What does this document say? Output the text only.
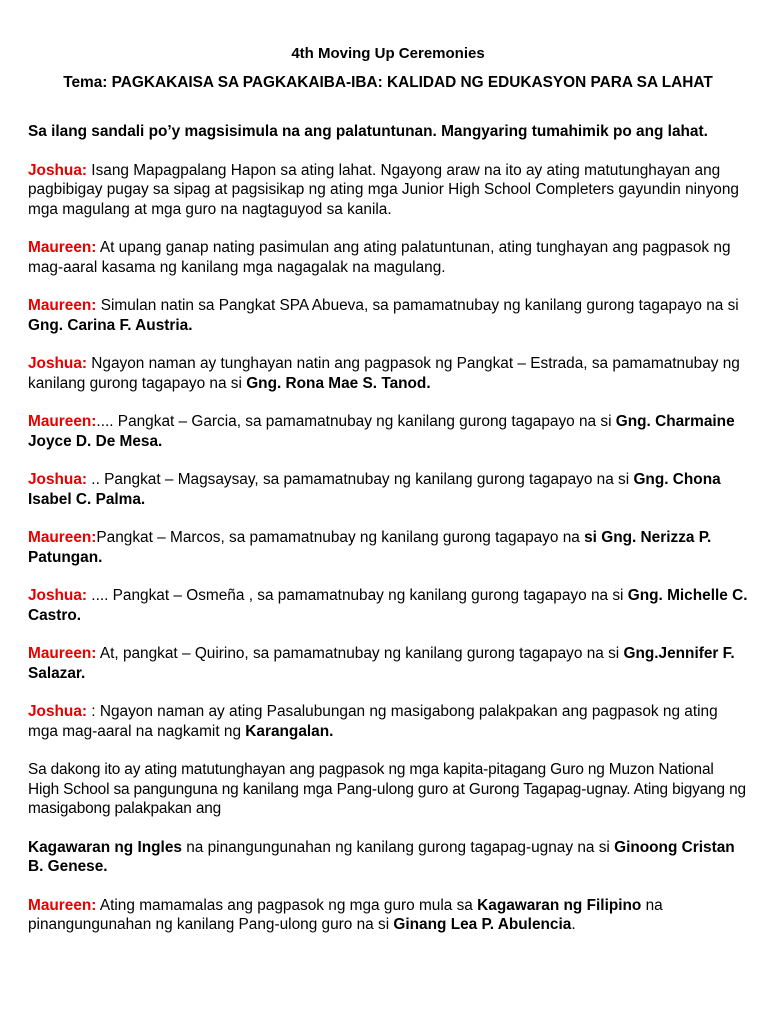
4th Moving Up Ceremonies

Tema: PAGKAKAISA SA PAGKAKAIBA-IBA: KALIDAD NG EDUKASYON PARA SA LAHAT

Sa ilang sandali po’y magsisimula na ang palatuntunan. Mangyaring tumahimik po ang lahat.

Joshua: Isang Mapagpalang Hapon sa ating lahat. Ngayong araw na ito ay ating matutunghayan ang pagbibigay pugay sa sipag at pagsisikap ng ating mga Junior High School Completers gayundin ninyong mga magulang at mga guro na nagtaguyod sa kanila.

Maureen: At upang ganap nating pasimulan ang ating palatuntunan, ating tunghayan ang pagpasok ng mag-aaral kasama ng kanilang mga nagagalak na magulang.

Maureen: Simulan natin sa Pangkat SPA Abueva, sa pamamatnubay ng kanilang gurong tagapayo na si Gng. Carina F. Austria.

Joshua: Ngayon naman ay tunghayan natin ang pagpasok ng Pangkat – Estrada, sa pamamatnubay ng kanilang gurong tagapayo na si Gng. Rona Mae S. Tanod.

Maureen:.... Pangkat – Garcia, sa pamamatnubay ng kanilang gurong tagapayo na si Gng. Charmaine Joyce D. De Mesa.

Joshua: .. Pangkat – Magsaysay, sa pamamatnubay ng kanilang gurong tagapayo na si Gng. Chona Isabel C. Palma.

Maureen:Pangkat – Marcos, sa pamamatnubay ng kanilang gurong tagapayo na si Gng. Nerizza P. Patungan.

Joshua: .... Pangkat – Osmeña , sa pamamatnubay ng kanilang gurong tagapayo na si Gng. Michelle C. Castro.

Maureen: At, pangkat – Quirino, sa pamamatnubay ng kanilang gurong tagapayo na si Gng.Jennifer F. Salazar.

Joshua: : Ngayon naman ay ating Pasalubungan ng masigabong palakpakan ang pagpasok ng ating mga mag-aaral na nagkamit ng Karangalan.

Sa dakong ito ay ating matutunghayan ang pagpasok ng mga kapita-pitagang Guro ng Muzon National High School sa pangunguna ng kanilang mga Pang-ulong guro at Gurong Tagapag-ugnay. Ating bigyang ng masigabong palakpakan ang

Kagawaran ng Ingles na pinangungunahan ng kanilang gurong tagapag-ugnay na si Ginoong Cristan B. Genese.

Maureen: Ating mamamalas ang pagpasok ng mga guro mula sa Kagawaran ng Filipino na pinangungunahan ng kanilang Pang-ulong guro na si Ginang Lea P. Abulencia.
